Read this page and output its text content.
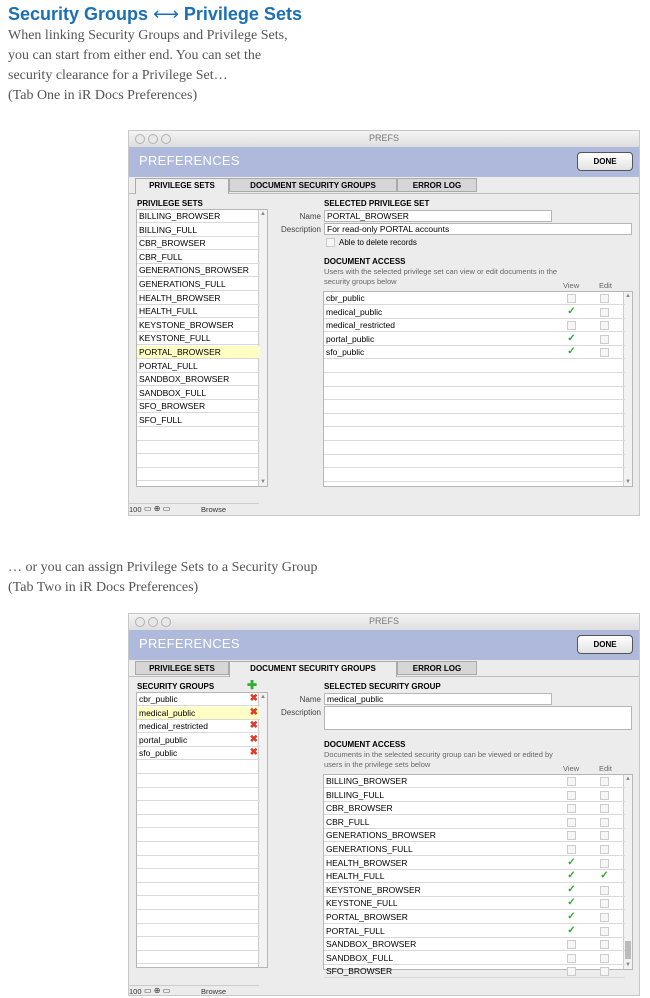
Security Groups ⟷ Privilege Sets
When linking Security Groups and Privilege Sets,
you can start from either end. You can set the
security clearance for a Privilege Set…
(Tab One in iR Docs Preferences)
PREFS
PREFERENCES	DONE
PRIVILEGE SETS	DOCUMENT SECURITY GROUPS	ERROR LOG
PRIVILEGE SETS
▲
▼
BILLING_BROWSER
BILLING_FULL
CBR_BROWSER
CBR_FULL
GENERATIONS_BROWSER
GENERATIONS_FULL
HEALTH_BROWSER
HEALTH_FULL
KEYSTONE_BROWSER
KEYSTONE_FULL
PORTAL_BROWSER
PORTAL_FULL
SANDBOX_BROWSER
SANDBOX_FULL
SFO_BROWSER
SFO_FULL
SELECTED PRIVILEGE SET
Name PORTAL_BROWSER
Description For read-only PORTAL accounts
Able to delete records
DOCUMENT ACCESS
Users with the selected privilege set can view or edit documents in the
security groups below	View	Edit
▲
▼
cbr_public
medical_public	✓
medical_restricted
portal_public	✓
sfo_public	✓
100 ▭ ⊕ ▭	Browse
… or you can assign Privilege Sets to a Security Group
(Tab Two in iR Docs Preferences)
PREFS
PREFERENCES	DONE
PRIVILEGE SETS	DOCUMENT SECURITY GROUPS	ERROR LOG
SECURITY GROUPS	✚
▲
cbr_public	✖
medical_public	✖
medical_restricted	✖
portal_public	✖
sfo_public	✖
SELECTED SECURITY GROUP
Name medical_public
Description
DOCUMENT ACCESS
Documents in the selected security group can be viewed or edited by
users in the privilege sets below	View	Edit
▲
▼
BILLING_BROWSER
BILLING_FULL
CBR_BROWSER
CBR_FULL
GENERATIONS_BROWSER
GENERATIONS_FULL
HEALTH_BROWSER	✓
HEALTH_FULL	✓ ✓
KEYSTONE_BROWSER	✓
KEYSTONE_FULL	✓
PORTAL_BROWSER	✓
PORTAL_FULL	✓
SANDBOX_BROWSER
SANDBOX_FULL
SFO_BROWSER
100 ▭ ⊕ ▭	Browse
